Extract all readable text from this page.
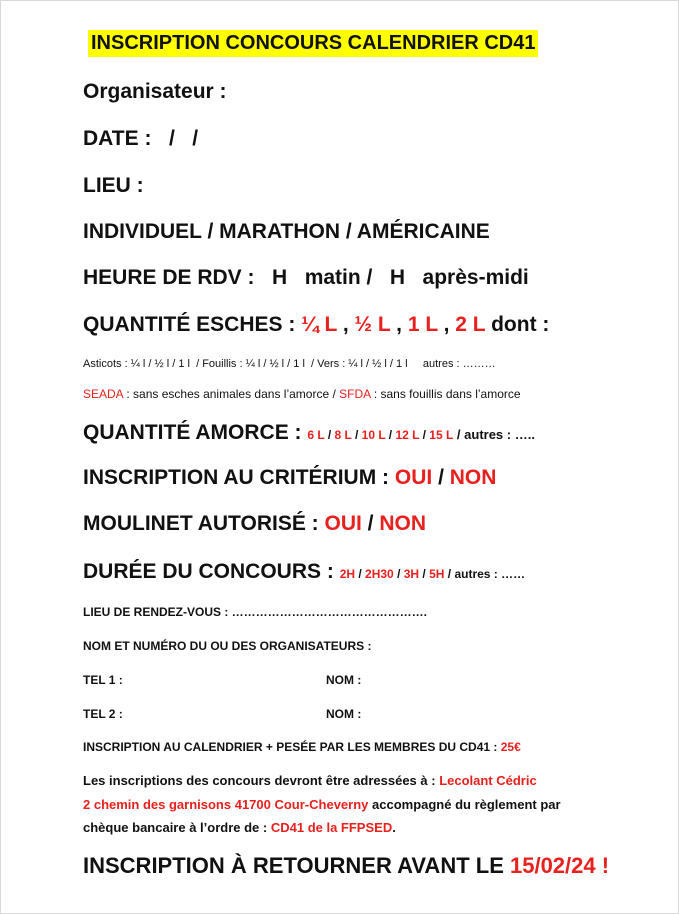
INSCRIPTION CONCOURS CALENDRIER CD41
Organisateur :
DATE :   /   /
LIEU :
INDIVIDUEL / MARATHON / AMÉRICAINE
HEURE DE RDV :   H   matin /   H   après-midi
QUANTITÉ ESCHES : ¼ L , ½ L , 1 L , 2 L dont :
Asticots : ¼ l / ½ l / 1 l  / Fouillis : ¼ l / ½ l / 1 l  / Vers : ¼ l / ½ l / 1 l     autres : ………
SEADA : sans esches animales dans l’amorce / SFDA : sans fouillis dans l’amorce
QUANTITÉ AMORCE : 6 L / 8 L / 10 L / 12 L / 15 L / autres : …..
INSCRIPTION AU CRITÉRIUM : OUI / NON
MOULINET AUTORISÉ : OUI / NON
DURÉE DU CONCOURS : 2H / 2H30 / 3H / 5H / autres : ……
LIEU DE RENDEZ-VOUS : ………………………………………….
NOM ET NUMÉRO DU OU DES ORGANISATEURS :
TEL 1 :	NOM :
TEL 2 :	NOM :
INSCRIPTION AU CALENDRIER + PESÉE PAR LES MEMBRES DU CD41 : 25€
Les inscriptions des concours devront être adressées à : Lecolant Cédric
2 chemin des garnisons 41700 Cour-Cheverny accompagné du règlement par
chèque bancaire à l’ordre de : CD41 de la FFPSED.
INSCRIPTION À RETOURNER AVANT LE 15/02/24 !
